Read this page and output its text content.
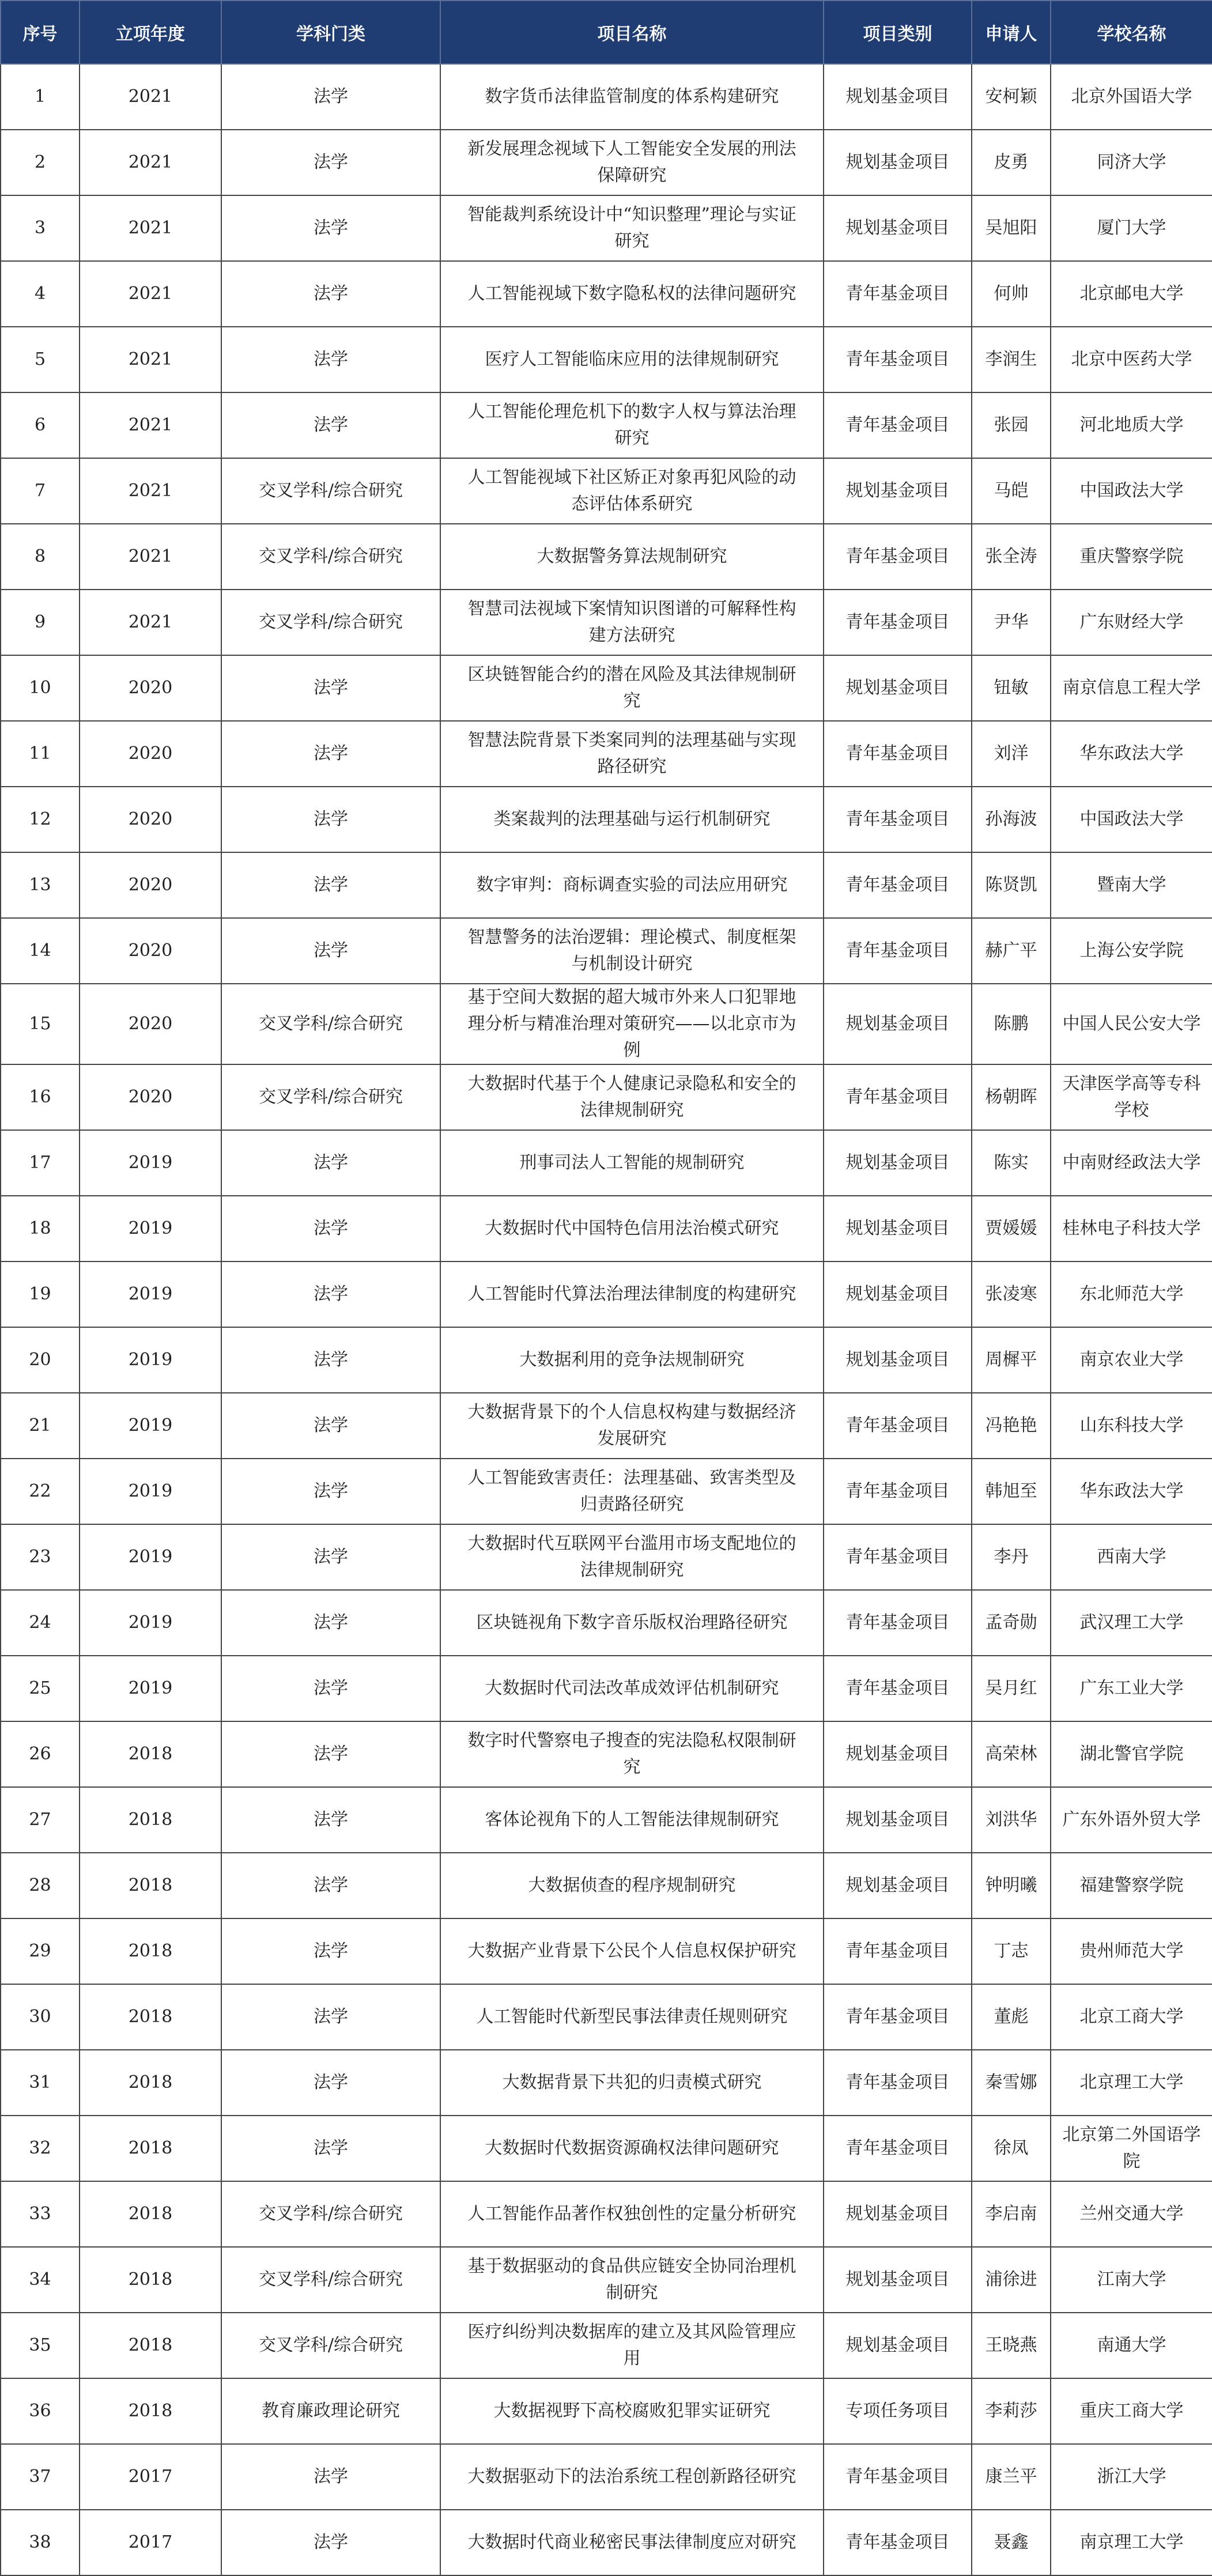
序号	立项年度	学科门类	项目名称	项目类别	申请人	学校名称
1	2021	法学	数字货币法律监管制度的体系构建研究	规划基金项目	安柯颖	北京外国语大学
2	2021	法学	新发展理念视域下人工智能安全发展的刑法保障研究	规划基金项目	皮勇	同济大学
3	2021	法学	智能裁判系统设计中“知识整理”理论与实证研究	规划基金项目	吴旭阳	厦门大学
4	2021	法学	人工智能视域下数字隐私权的法律问题研究	青年基金项目	何帅	北京邮电大学
5	2021	法学	医疗人工智能临床应用的法律规制研究	青年基金项目	李润生	北京中医药大学
6	2021	法学	人工智能伦理危机下的数字人权与算法治理研究	青年基金项目	张园	河北地质大学
7	2021	交叉学科/综合研究	人工智能视域下社区矫正对象再犯风险的动态评估体系研究	规划基金项目	马皑	中国政法大学
8	2021	交叉学科/综合研究	大数据警务算法规制研究	青年基金项目	张全涛	重庆警察学院
9	2021	交叉学科/综合研究	智慧司法视域下案情知识图谱的可解释性构建方法研究	青年基金项目	尹华	广东财经大学
10	2020	法学	区块链智能合约的潜在风险及其法律规制研究	规划基金项目	钮敏	南京信息工程大学
11	2020	法学	智慧法院背景下类案同判的法理基础与实现路径研究	青年基金项目	刘洋	华东政法大学
12	2020	法学	类案裁判的法理基础与运行机制研究	青年基金项目	孙海波	中国政法大学
13	2020	法学	数字审判：商标调查实验的司法应用研究	青年基金项目	陈贤凯	暨南大学
14	2020	法学	智慧警务的法治逻辑：理论模式、制度框架与机制设计研究	青年基金项目	赫广平	上海公安学院
15	2020	交叉学科/综合研究	基于空间大数据的超大城市外来人口犯罪地理分析与精准治理对策研究——以北京市为例	规划基金项目	陈鹏	中国人民公安大学
16	2020	交叉学科/综合研究	大数据时代基于个人健康记录隐私和安全的法律规制研究	青年基金项目	杨朝晖	天津医学高等专科学校
17	2019	法学	刑事司法人工智能的规制研究	规划基金项目	陈实	中南财经政法大学
18	2019	法学	大数据时代中国特色信用法治模式研究	规划基金项目	贾媛媛	桂林电子科技大学
19	2019	法学	人工智能时代算法治理法律制度的构建研究	规划基金项目	张凌寒	东北师范大学
20	2019	法学	大数据利用的竞争法规制研究	规划基金项目	周樨平	南京农业大学
21	2019	法学	大数据背景下的个人信息权构建与数据经济发展研究	青年基金项目	冯艳艳	山东科技大学
22	2019	法学	人工智能致害责任：法理基础、致害类型及归责路径研究	青年基金项目	韩旭至	华东政法大学
23	2019	法学	大数据时代互联网平台滥用市场支配地位的法律规制研究	青年基金项目	李丹	西南大学
24	2019	法学	区块链视角下数字音乐版权治理路径研究	青年基金项目	孟奇勋	武汉理工大学
25	2019	法学	大数据时代司法改革成效评估机制研究	青年基金项目	吴月红	广东工业大学
26	2018	法学	数字时代警察电子搜查的宪法隐私权限制研究	规划基金项目	高荣林	湖北警官学院
27	2018	法学	客体论视角下的人工智能法律规制研究	规划基金项目	刘洪华	广东外语外贸大学
28	2018	法学	大数据侦查的程序规制研究	规划基金项目	钟明曦	福建警察学院
29	2018	法学	大数据产业背景下公民个人信息权保护研究	青年基金项目	丁志	贵州师范大学
30	2018	法学	人工智能时代新型民事法律责任规则研究	青年基金项目	董彪	北京工商大学
31	2018	法学	大数据背景下共犯的归责模式研究	青年基金项目	秦雪娜	北京理工大学
32	2018	法学	大数据时代数据资源确权法律问题研究	青年基金项目	徐凤	北京第二外国语学院
33	2018	交叉学科/综合研究	人工智能作品著作权独创性的定量分析研究	规划基金项目	李启南	兰州交通大学
34	2018	交叉学科/综合研究	基于数据驱动的食品供应链安全协同治理机制研究	规划基金项目	浦徐进	江南大学
35	2018	交叉学科/综合研究	医疗纠纷判决数据库的建立及其风险管理应用	规划基金项目	王晓燕	南通大学
36	2018	教育廉政理论研究	大数据视野下高校腐败犯罪实证研究	专项任务项目	李莉莎	重庆工商大学
37	2017	法学	大数据驱动下的法治系统工程创新路径研究	青年基金项目	康兰平	浙江大学
38	2017	法学	大数据时代商业秘密民事法律制度应对研究	青年基金项目	聂鑫	南京理工大学
